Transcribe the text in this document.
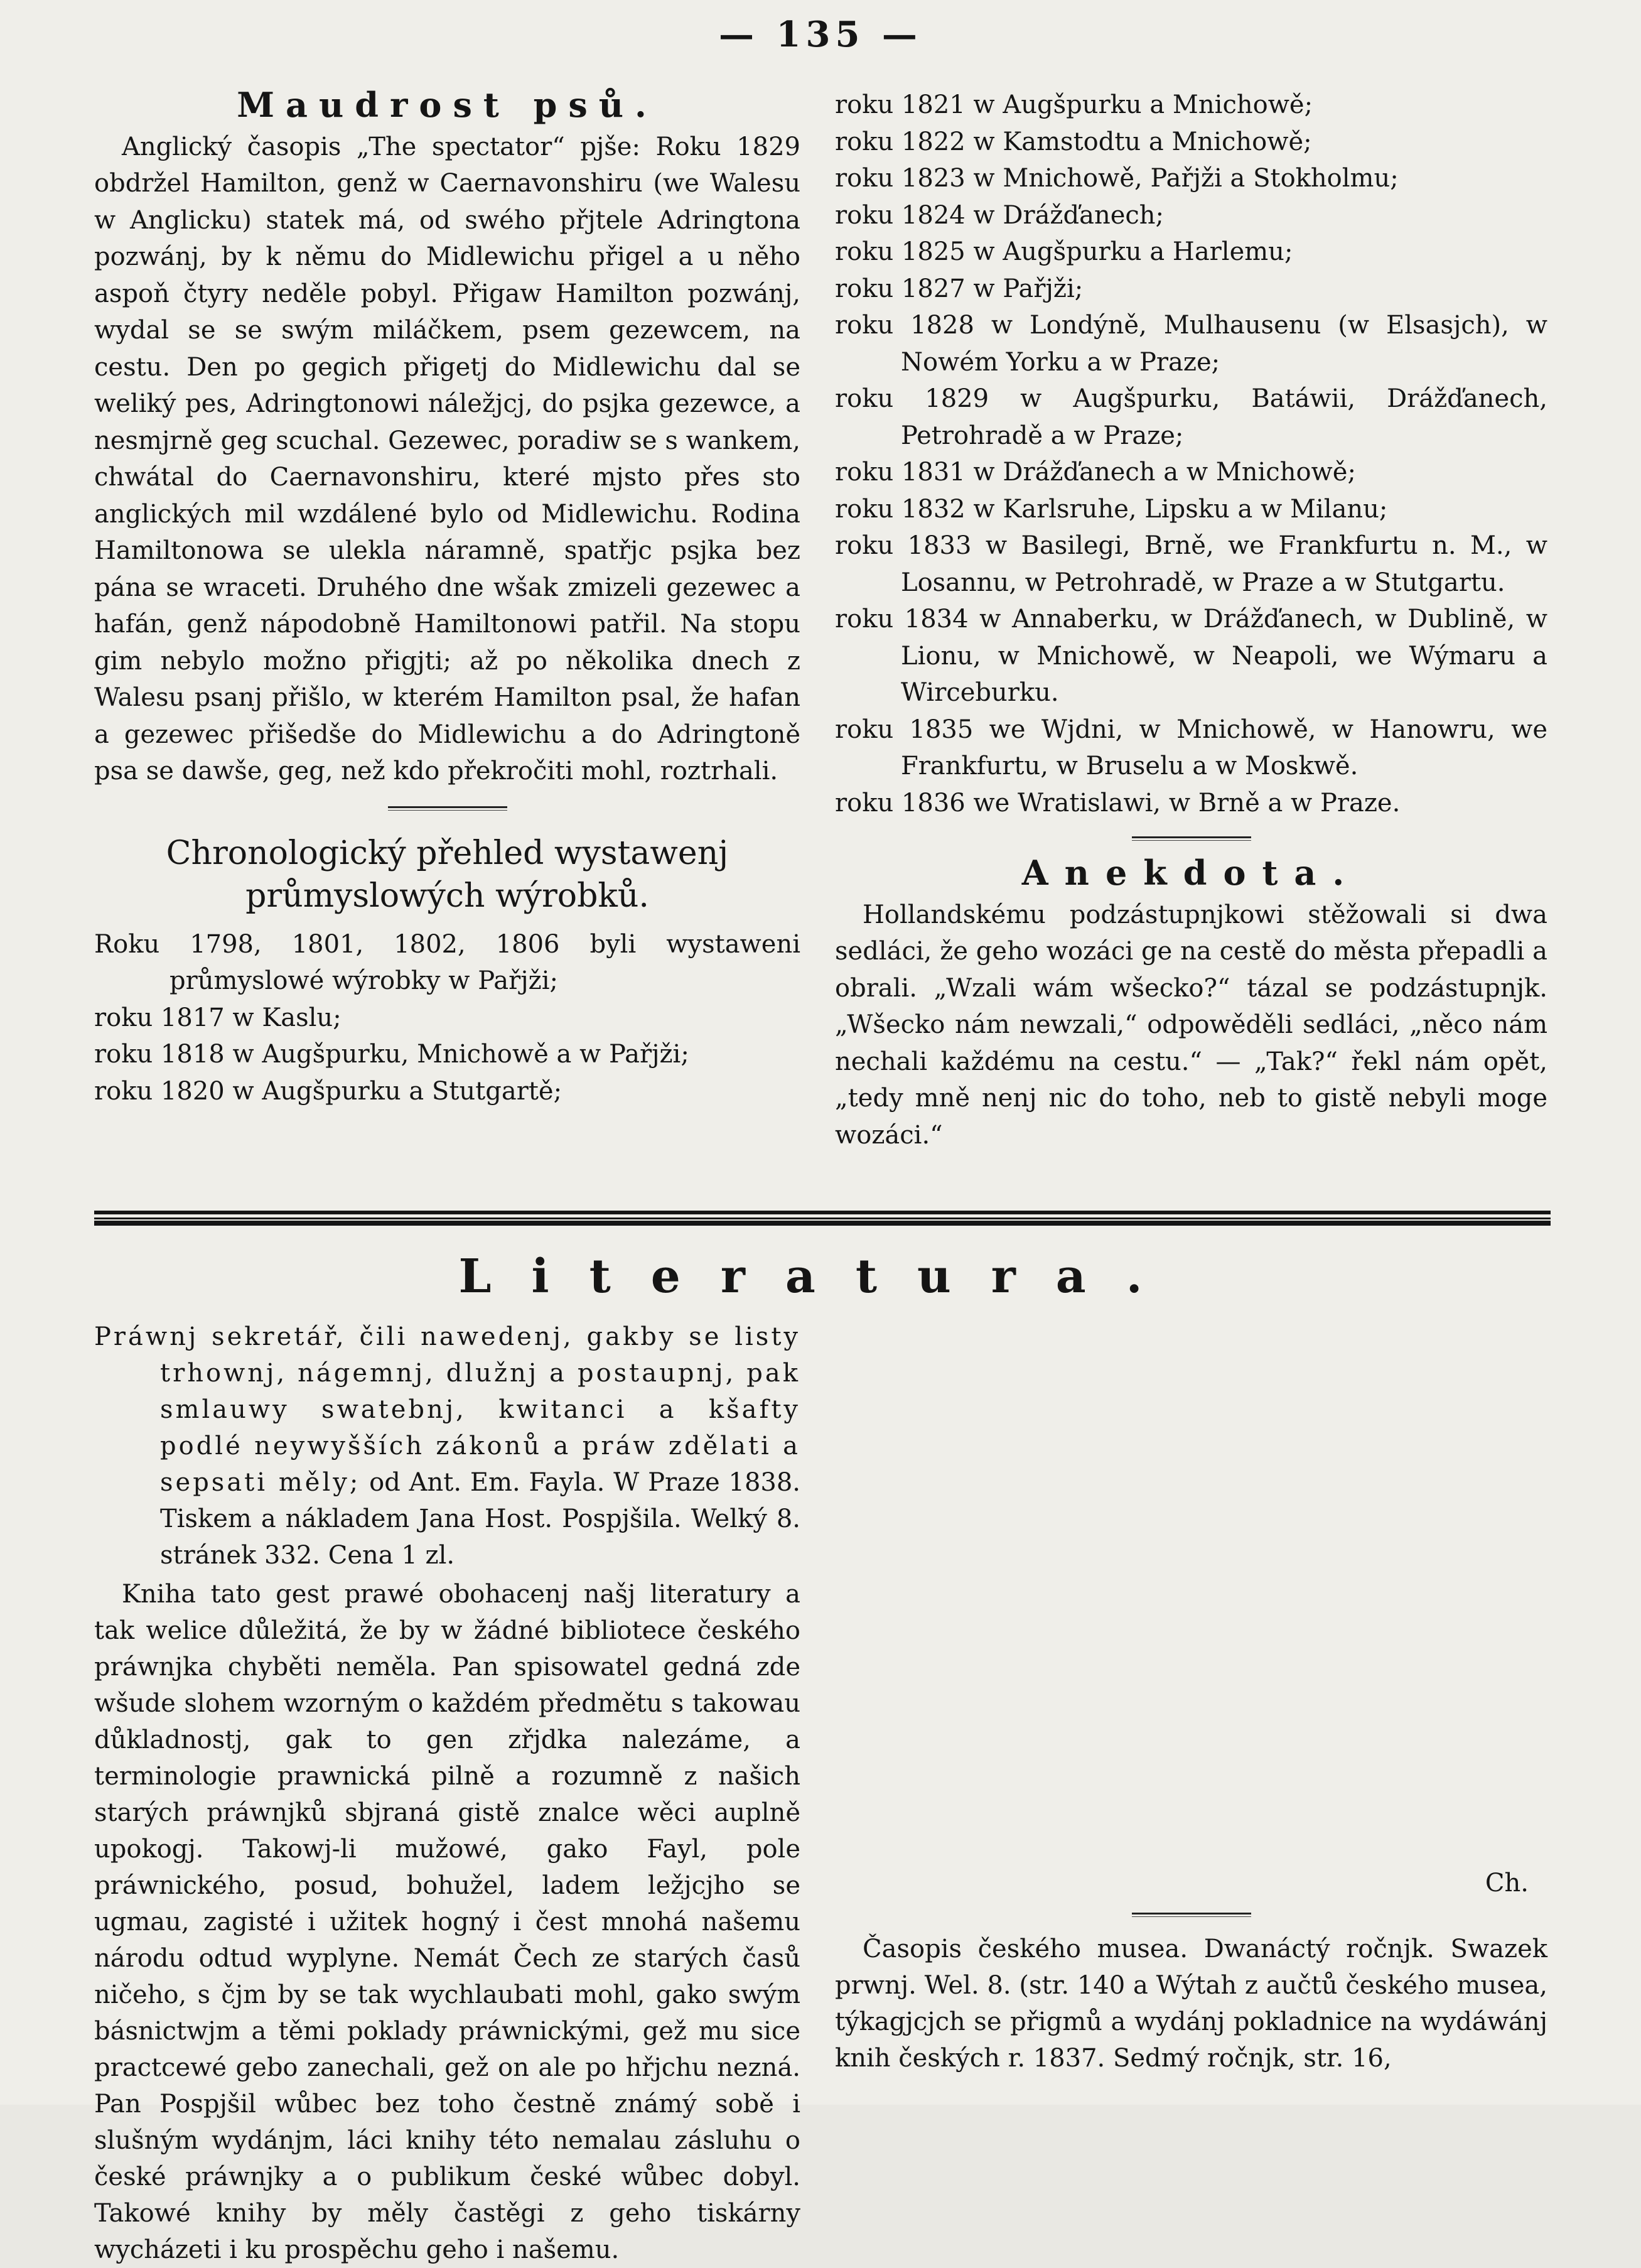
— 135 —
Maudrost psů.

Anglický časopis „The spectator“ pjše: Roku 1829 obdržel Hamilton, genž w Caernavonshiru (we Walesu w Anglicku) statek má, od swého přjtele Adringtona pozwánj, by k němu do Midlewichu přigel a u něho aspoň čtyry neděle pobyl. Přigaw Hamilton pozwánj, wydal se se swým miláčkem, psem gezewcem, na cestu. Den po gegich přigetj do Midlewichu dal se weliký pes, Adringtonowi náležjcj, do psjka gezewce, a nesmjrně geg scuchal. Gezewec, poradiw se s wankem, chwátal do Caernavonshiru, které mjsto přes sto anglických mil wzdálené bylo od Midlewichu. Rodina Hamiltonowa se ulekla náramně, spatřjc psjka bez pána se wraceti. Druhého dne wšak zmizeli gezewec a hafán, genž nápodobně Hamiltonowi patřil. Na stopu gim nebylo možno přigjti; až po několika dnech z Walesu psanj přišlo, w kterém Hamilton psal, že hafan a gezewec přišedše do Midlewichu a do Adringtoně psa se dawše, geg, než kdo překročiti mohl, roztrhali.

Chronologický přehled wystawenj průmyslowých wýrobků.

Roku 1798, 1801, 1802, 1806 byli wystaweni průmyslowé wýrobky w Pařjži;

roku 1817 w Kaslu;

roku 1818 w Augšpurku, Mnichowě a w Pařjži;

roku 1820 w Augšpurku a Stutgartě;

roku 1821 w Augšpurku a Mnichowě;

roku 1822 w Kamstodtu a Mnichowě;

roku 1823 w Mnichowě, Pařjži a Stokholmu;

roku 1824 w Drážďanech;

roku 1825 w Augšpurku a Harlemu;

roku 1827 w Pařjži;

roku 1828 w Londýně, Mulhausenu (w Elsasjch), w Nowém Yorku a w Praze;

roku 1829 w Augšpurku, Batáwii, Drážďanech, Petrohradě a w Praze;

roku 1831 w Drážďanech a w Mnichowě;

roku 1832 w Karlsruhe, Lipsku a w Milanu;

roku 1833 w Basilegi, Brně, we Frankfurtu n. M., w Losannu, w Petrohradě, w Praze a w Stutgartu.

roku 1834 w Annaberku, w Drážďanech, w Dublině, w Lionu, w Mnichowě, w Neapoli, we Wýmaru a Wirceburku.

roku 1835 we Wjdni, w Mnichowě, w Hanowru, we Frankfurtu, w Bruselu a w Moskwě.

roku 1836 we Wratislawi, w Brně a w Praze.

Anekdota.

Hollandskému podzástupnjkowi stěžowali si dwa sedláci, že geho wozáci ge na cestě do města přepadli a obrali. „Wzali wám wšecko?“ tázal se podzástupnjk. „Wšecko nám newzali,“ odpowěděli sedláci, „něco nám nechali každému na cestu.“ — „Tak?“ řekl nám opět, „tedy mně nenj nic do toho, neb to gistě nebyli moge wozáci.“

Literatura.

Práwnj sekretář, čili nawedenj, gakby se listy trhownj, nágemnj, dlužnj a postaupnj, pak smlauwy swatebnj, kwitanci a kšafty podlé neywyšších zákonů a práw zdělati a sepsati měly; od Ant. Em. Fayla. W Praze 1838. Tiskem a nákladem Jana Host. Pospjšila. Welký 8. stránek 332. Cena 1 zl.

Kniha tato gest prawé obohacenj našj literatury a tak welice důležitá, že by w žádné bibliotece českého práwnjka chyběti neměla. Pan spisowatel gedná zde wšude slohem wzorným o každém předmětu s takowau důkladnostj, gak to gen zřjdka nalezáme, a terminologie prawnická pilně a rozumně z našich starých práwnjků sbjraná gistě znalce wěci auplně upokogj. Takowj-li mužowé, gako Fayl, pole práwnického, posud, bohužel, ladem ležjcjho se ugmau, zagisté i užitek hogný i čest mnohá našemu národu odtud wyplyne. Nemát Čech ze starých časů ničeho, s čjm by se tak wychlaubati mohl, gako swým básnictwjm a těmi poklady práwnickými, gež mu sice practcewé gebo zanechali, gež on ale po hřjchu nezná. Pan Pospjšil wůbec bez toho čestně známý sobě i slušným wydánjm, láci knihy této nemalau zásluhu o české práwnjky a o publikum české wůbec dobyl. Takowé knihy by měly častěgi z geho tiskárny wycházeti i ku prospěchu geho i našemu.

Ch.

Časopis českého musea. Dwanáctý ročnjk. Swazek prwnj. Wel. 8. (str. 140 a Wýtah z aučtů českého musea, týkagjcjch se přigmů a wydánj pokladnice na wydáwánj knih českých r. 1837. Sedmý ročnjk, str. 16,
